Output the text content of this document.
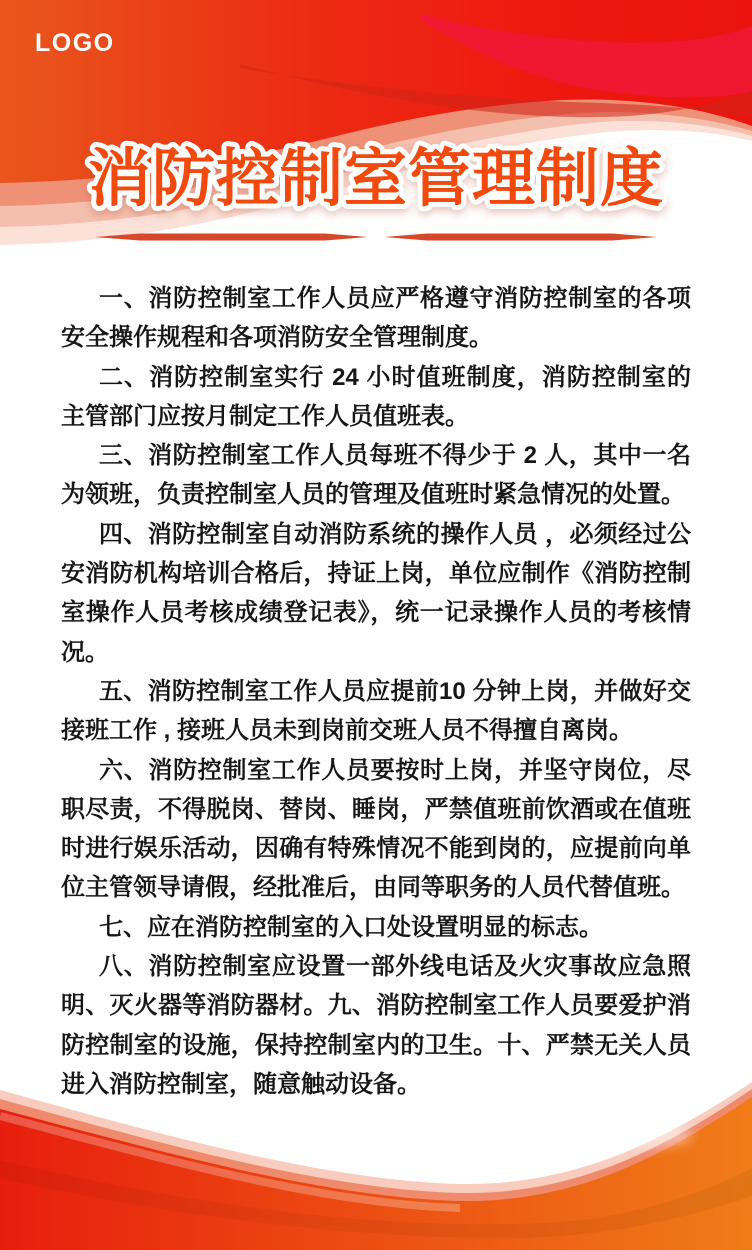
LOGO
消防控制室管理制度

一、消防控制室工作人员应严格遵守消防控制室的各项
安全操作规程和各项消防安全管理制度。

二、消防控制室实行 24 小时值班制度，消防控制室的
主管部门应按月制定工作人员值班表。

三、消防控制室工作人员每班不得少于 2 人，其中一名
为领班，负责控制室人员的管理及值班时紧急情况的处置。

四、消防控制室自动消防系统的操作人员 ，必须经过公
安消防机构培训合格后，持证上岗，单位应制作《消防控制
室操作人员考核成绩登记表》，统一记录操作人员的考核情
况。

五、消防控制室工作人员应提前10 分钟上岗，并做好交
接班工作 , 接班人员未到岗前交班人员不得擅自离岗。

六、消防控制室工作人员要按时上岗，并坚守岗位，尽
职尽责，不得脱岗、替岗、睡岗，严禁值班前饮酒或在值班
时进行娱乐活动，因确有特殊情况不能到岗的，应提前向单
位主管领导请假，经批准后，由同等职务的人员代替值班。

七、应在消防控制室的入口处设置明显的标志。

八、消防控制室应设置一部外线电话及火灾事故应急照
明、灭火器等消防器材。九、消防控制室工作人员要爱护消
防控制室的设施，保持控制室内的卫生。十、严禁无关人员
进入消防控制室，随意触动设备。
